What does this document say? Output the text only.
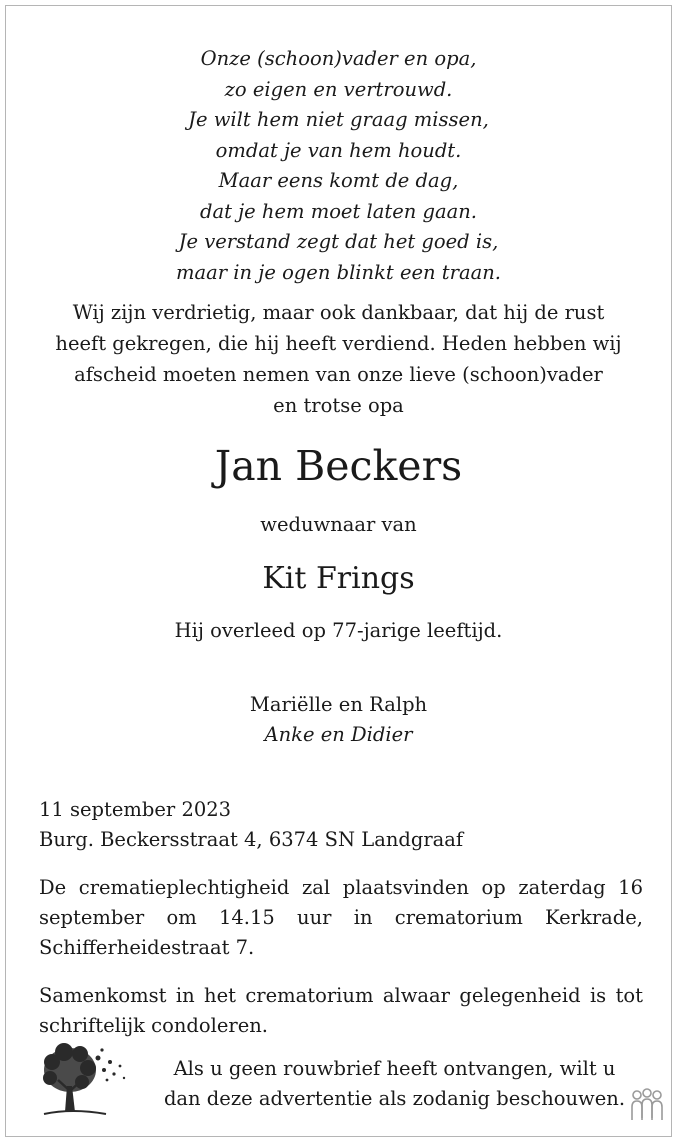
Onze (schoon)vader en opa,
zo eigen en vertrouwd.
Je wilt hem niet graag missen,
omdat je van hem houdt.
Maar eens komt de dag,
dat je hem moet laten gaan.
Je verstand zegt dat het goed is,
maar in je ogen blinkt een traan.
Wij zijn verdrietig, maar ook dankbaar, dat hij de rust
heeft gekregen, die hij heeft verdiend. Heden hebben wij
afscheid moeten nemen van onze lieve (schoon)vader
en trotse opa
Jan Beckers
weduwnaar van
Kit Frings
Hij overleed op 77-jarige leeftijd.
Mariëlle en Ralph
Anke en Didier
11 september 2023
Burg. Beckersstraat 4, 6374 SN Landgraaf
De crematieplechtigheid zal plaatsvinden op zaterdag 16 september om 14.15 uur in crematorium Kerkrade, Schifferheidestraat 7.
Samenkomst in het crematorium alwaar gelegenheid is tot schriftelijk condoleren.
Als u geen rouwbrief heeft ontvangen, wilt u
dan deze advertentie als zodanig beschouwen.
